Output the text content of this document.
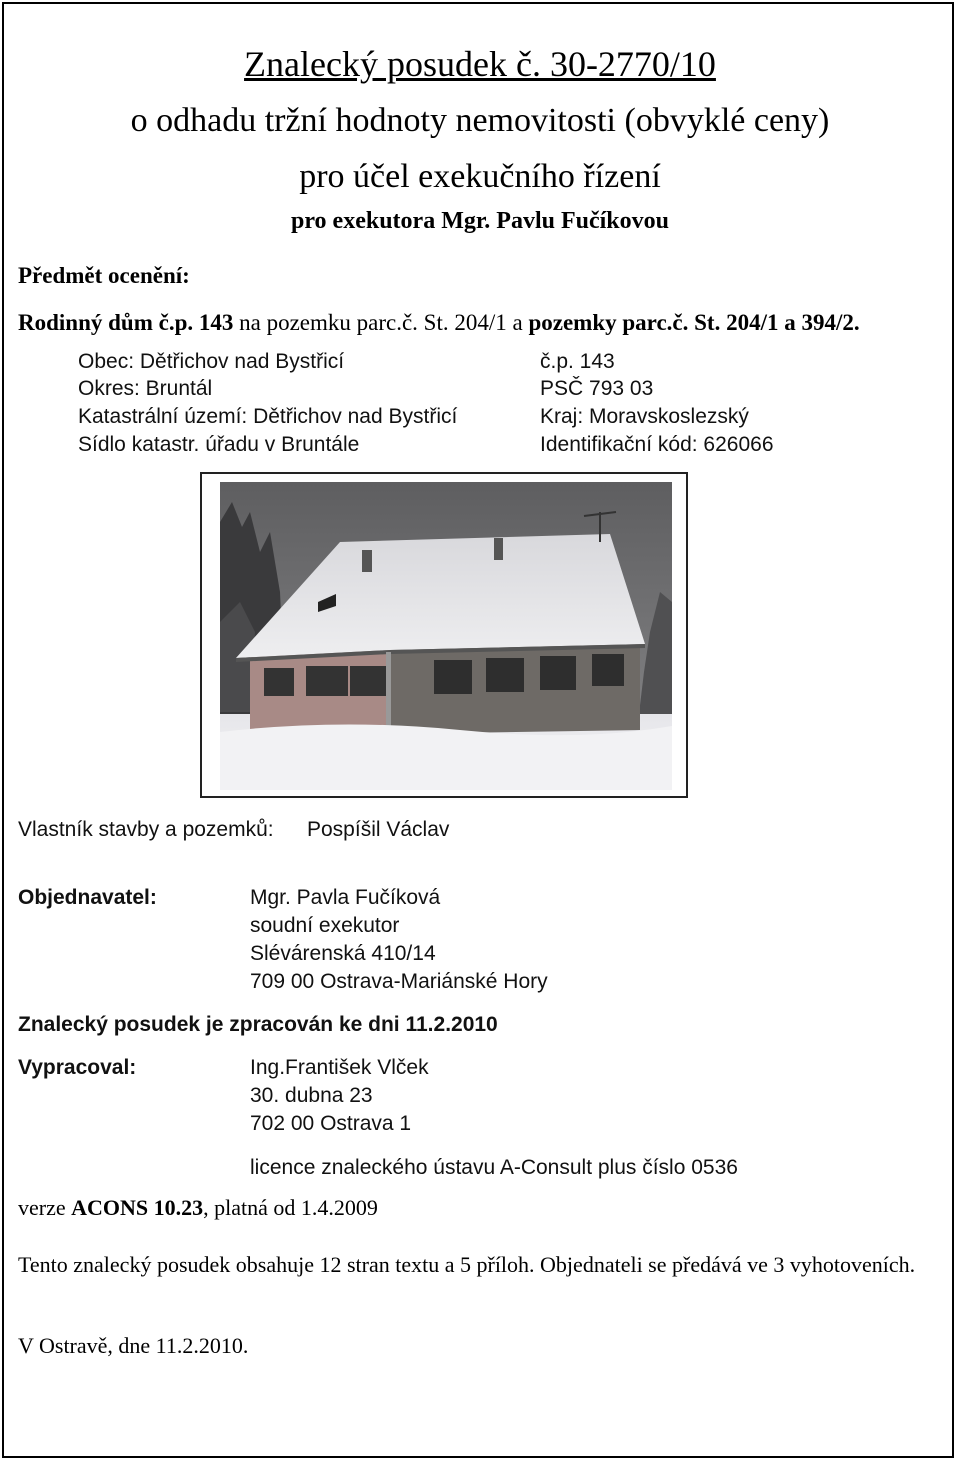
Znalecký posudek č. 30-2770/10
o odhadu tržní hodnoty nemovitosti (obvyklé ceny)
pro účel exekučního řízení
pro exekutora Mgr. Pavlu Fučíkovou
Předmět ocenění:
Rodinný dům č.p. 143 na pozemku parc.č. St. 204/1 a pozemky parc.č. St. 204/1 a 394/2.
Obec: Dětřichov nad Bystřicí
Okres: Bruntál
Katastrální území: Dětřichov nad Bystřicí
Sídlo katastr. úřadu v Bruntále
č.p. 143
PSČ 793 03
Kraj: Moravskoslezský
Identifikační kód: 626066
Vlastník stavby a pozemků: Pospíšil Václav
Objednavatel:	Mgr. Pavla Fučíková
soudní exekutor
Slévárenská 410/14
709 00 Ostrava-Mariánské Hory
Znalecký posudek je zpracován ke dni 11.2.2010
Vypracoval:	Ing.František Vlček
30. dubna 23
702 00 Ostrava 1
licence znaleckého ústavu A-Consult plus číslo 0536
verze ACONS 10.23, platná od 1.4.2009
Tento znalecký posudek obsahuje 12 stran textu a 5 příloh. Objednateli se předává ve 3 vyhotoveních.
V Ostravě, dne 11.2.2010.
